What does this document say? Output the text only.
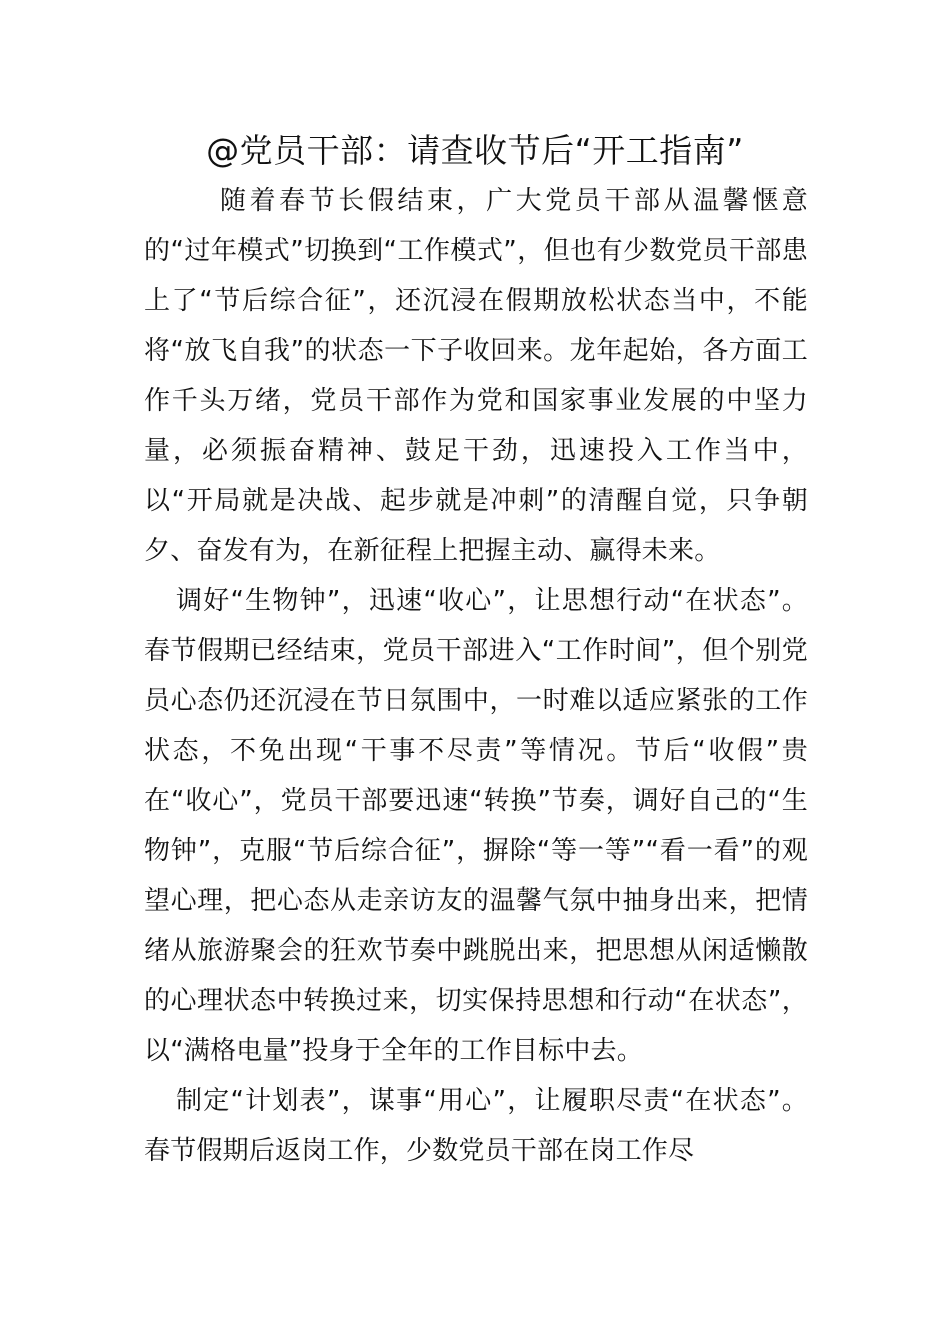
@党员干部：请查收节后“开工指南”

随着春节长假结束，广大党员干部从温馨惬意的“过年模式”切换到“工作模式”，但也有少数党员干部患上了“节后综合征”，还沉浸在假期放松状态当中，不能将“放飞自我”的状态一下子收回来。龙年起始，各方面工作千头万绪，党员干部作为党和国家事业发展的中坚力量，必须振奋精神、鼓足干劲，迅速投入工作当中，以“开局就是决战、起步就是冲刺”的清醒自觉，只争朝夕、奋发有为，在新征程上把握主动、赢得未来。

调好“生物钟”，迅速“收心”，让思想行动“在状态”。春节假期已经结束，党员干部进入“工作时间”，但个别党员心态仍还沉浸在节日氛围中，一时难以适应紧张的工作状态，不免出现“干事不尽责”等情况。节后“收假”贵在“收心”，党员干部要迅速“转换”节奏，调好自己的“生物钟”，克服“节后综合征”，摒除“等一等”“看一看”的观望心理，把心态从走亲访友的温馨气氛中抽身出来，把情绪从旅游聚会的狂欢节奏中跳脱出来，把思想从闲适懒散的心理状态中转换过来，切实保持思想和行动“在状态”，以“满格电量”投身于全年的工作目标中去。

制定“计划表”，谋事“用心”，让履职尽责“在状态”。春节假期后返岗工作，少数党员干部在岗工作尽
